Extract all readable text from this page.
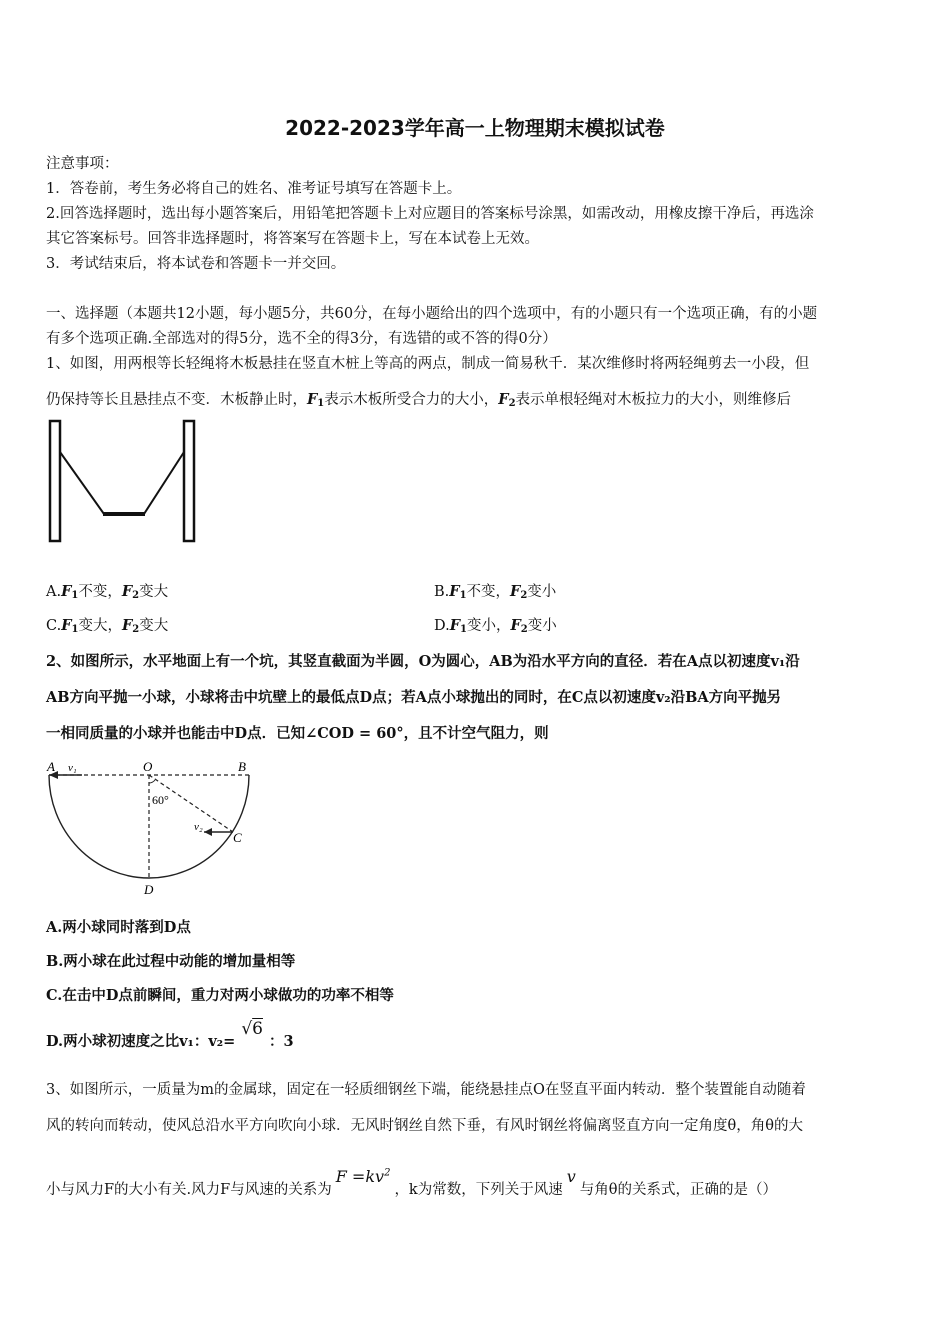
2022-2023学年高一上物理期末模拟试卷
注意事项：
1．答卷前，考生务必将自己的姓名、准考证号填写在答题卡上。
2.回答选择题时，选出每小题答案后，用铅笔把答题卡上对应题目的答案标号涂黑，如需改动，用橡皮擦干净后，再选涂
其它答案标号。回答非选择题时，将答案写在答题卡上，写在本试卷上无效。
3．考试结束后，将本试卷和答题卡一并交回。
一、选择题（本题共12小题，每小题5分，共60分，在每小题给出的四个选项中，有的小题只有一个选项正确，有的小题
有多个选项正确.全部选对的得5分，选不全的得3分，有选错的或不答的得0分）
1、如图，用两根等长轻绳将木板悬挂在竖直木桩上等高的两点，制成一简易秋千．某次维修时将两轻绳剪去一小段，但
仍保持等长且悬挂点不变．木板静止时，$F_1$表示木板所受合力的大小，$F_2$表示单根轻绳对木板拉力的大小，则维修后
$A.F_1$不变，$F_2$变大	$B.F_1$不变，$F_2$变小
$C.F_1$变大，$F_2$变大	$D.F_1$变小，$F_2$变小
2、如图所示，水平地面上有一个坑，其竖直截面为半圆，O为圆心，AB为沿水平方向的直径．若在A点以初速度v₁沿
AB方向平抛一小球，小球将击中坑壁上的最低点D点；若A点小球抛出的同时，在C点以初速度v₂沿BA方向平抛另
一相同质量的小球并也能击中D点．已知∠COD = 60°，且不计空气阻力，则
A v₁	O	B
60°
v₂
C
D
A.两小球同时落到D点
B.两小球在此过程中动能的增加量相等
C.在击中D点前瞬间，重力对两小球做功的功率不相等
D.两小球初速度之比v₁：v₂=√6：3
3、如图所示，一质量为m的金属球，固定在一轻质细钢丝下端，能绕悬挂点O在竖直平面内转动．整个装置能自动随着
风的转向而转动，使风总沿水平方向吹向小球．无风时钢丝自然下垂，有风时钢丝将偏离竖直方向一定角度θ，角θ的大
小与风力F的大小有关.风力F与风速的关系为$F =kv^2$，k为常数，下列关于风速v与角θ的关系式，正确的是（）
